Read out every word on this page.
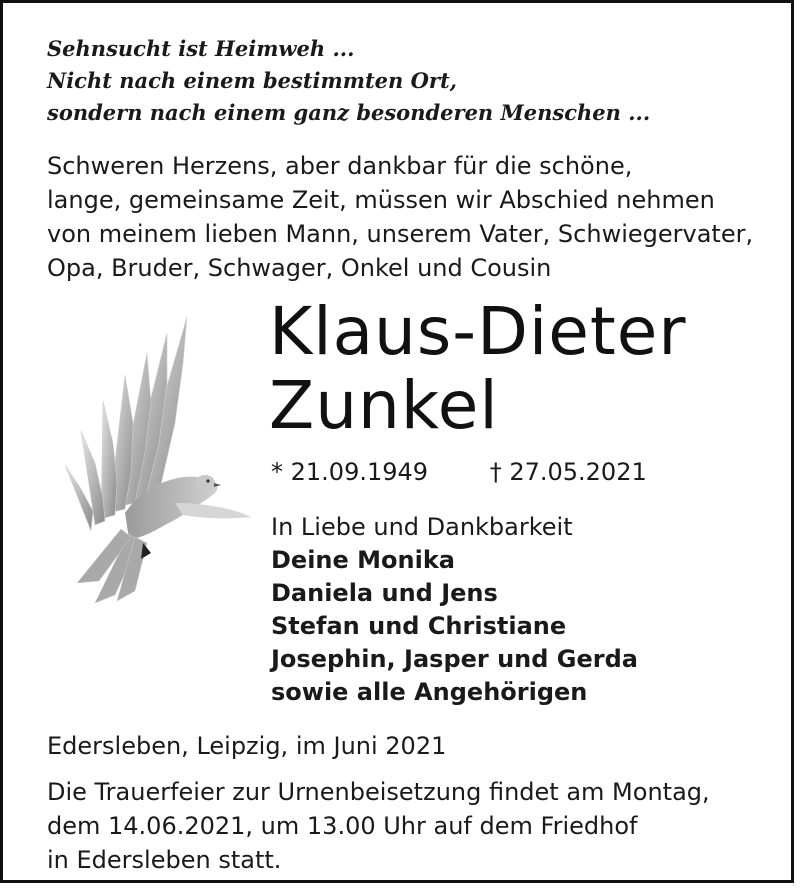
Sehnsucht ist Heimweh ...
Nicht nach einem bestimmten Ort,
sondern nach einem ganz besonderen Menschen ...
Schweren Herzens, aber dankbar für die schöne,
lange, gemeinsame Zeit, müssen wir Abschied nehmen
von meinem lieben Mann, unserem Vater, Schwiegervater,
Opa, Bruder, Schwager, Onkel und Cousin
Klaus-Dieter
Zunkel
* 21.09.1949	† 27.05.2021
In Liebe und Dankbarkeit
Deine Monika
Daniela und Jens
Stefan und Christiane
Josephin, Jasper und Gerda
sowie alle Angehörigen
Edersleben, Leipzig, im Juni 2021
Die Trauerfeier zur Urnenbeisetzung findet am Montag,
dem 14.06.2021, um 13.00 Uhr auf dem Friedhof
in Edersleben statt.
